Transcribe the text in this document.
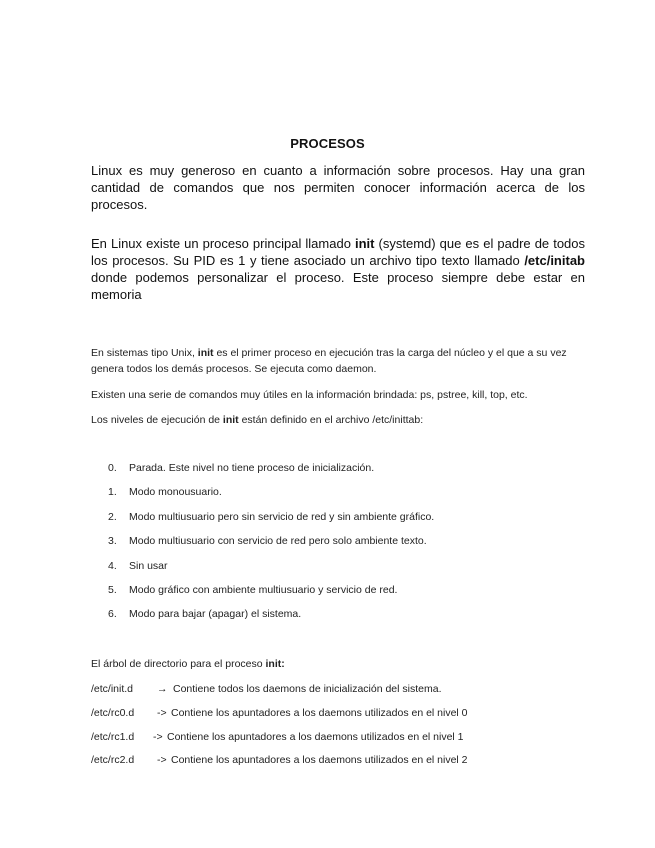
PROCESOS

Linux es muy generoso en cuanto a información sobre procesos. Hay una gran cantidad de comandos que nos permiten conocer información acerca de los procesos.

En Linux existe un proceso principal llamado init (systemd) que es el padre de todos los procesos. Su PID es 1 y tiene asociado un archivo tipo texto llamado /etc/initab donde podemos personalizar el proceso. Este proceso siempre debe estar en memoria

En sistemas tipo Unix, init es el primer proceso en ejecución tras la carga del núcleo y el que a su vez genera todos los demás procesos. Se ejecuta como daemon.

Existen una serie de comandos muy útiles en la información brindada: ps, pstree, kill, top, etc.

Los niveles de ejecución de init están definido en el archivo /etc/inittab:

0. Parada. Este nivel no tiene proceso de inicialización.
1. Modo monousuario.
2. Modo multiusuario pero sin servicio de red y sin ambiente gráfico.
3. Modo multiusuario con servicio de red pero solo ambiente texto.
4. Sin usar
5. Modo gráfico con ambiente multiusuario y servicio de red.
6. Modo para bajar (apagar) el sistema.

El árbol de directorio para el proceso init:

/etc/init.d → Contiene todos los daemons de inicialización del sistema.
/etc/rc0.d -> Contiene los apuntadores a los daemons utilizados en el nivel 0
/etc/rc1.d -> Contiene los apuntadores a los daemons utilizados en el nivel 1
/etc/rc2.d -> Contiene los apuntadores a los daemons utilizados en el nivel 2
